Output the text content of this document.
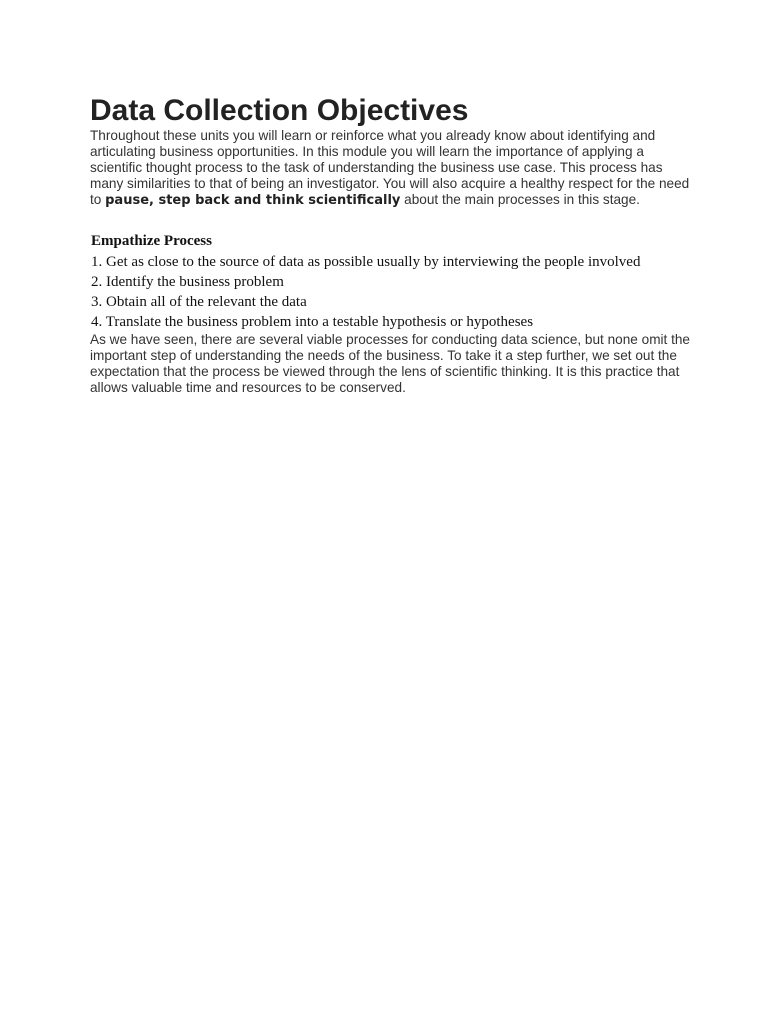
Data Collection Objectives

Throughout these units you will learn or reinforce what you already know about identifying and articulating business opportunities. In this module you will learn the importance of applying a scientific thought process to the task of understanding the business use case. This process has many similarities to that of being an investigator. You will also acquire a healthy respect for the need to pause, step back and think scientifically about the main processes in this stage.

Empathize Process
1. Get as close to the source of data as possible usually by interviewing the people involved
2. Identify the business problem
3. Obtain all of the relevant the data
4. Translate the business problem into a testable hypothesis or hypotheses

As we have seen, there are several viable processes for conducting data science, but none omit the important step of understanding the needs of the business. To take it a step further, we set out the expectation that the process be viewed through the lens of scientific thinking. It is this practice that allows valuable time and resources to be conserved.
